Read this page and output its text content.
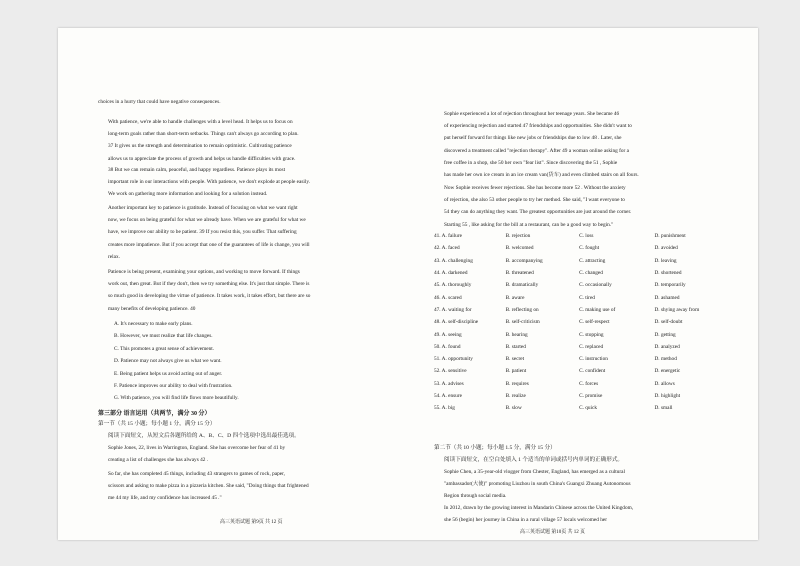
choices in a hurry that could have negative consequences.
With patience, we're able to handle challenges with a level head. It helps us to focus on
long-term goals rather than short-term setbacks. Things can't always go according to plan.
37 It gives us the strength and determination to remain optimistic. Cultivating patience
allows us to appreciate the process of growth and helps us handle difficulties with grace.
38 But we can remain calm, peaceful, and happy regardless. Patience plays its most
important role in our interactions with people. With patience, we don't explode at people easily.
We work on gathering more information and looking for a solution instead.
Another important key to patience is gratitude. Instead of focusing on what we want right
now, we focus on being grateful for what we already have. When we are grateful for what we
have, we improve our ability to be patient. 39 If you resist this, you suffer. That suffering
creates more impatience. But if you accept that one of the guarantees of life is change, you will
relax.
Patience is being present, examining your options, and working to move forward. If things
work out, then great. But if they don't, then we try something else. It's just that simple. There is
so much good in developing the virtue of patience. It takes work, it takes effort, but there are so
many benefits of developing patience. 40
A. It's necessary to make early plans.
B. However, we must realize that life changes.
C. This promotes a great sense of achievement.
D. Patience may not always give us what we want.
E. Being patient helps us avoid acting out of anger.
F. Patience improves our ability to deal with frustration.
G. With patience, you will find life flows more beautifully.
第三部分 语言运用（共两节，满分 30 分）
第一节（共 15 小题；每小题 1 分，满分 15 分）
阅读下面短文，从短文后各题所给的 A、B、C、D 四个选项中选出最佳选项。
Sophie Jones, 22, lives in Warrington, England. She has overcome her fear of 41 by
creating a list of challenges she has always 42 .
So far, she has completed 45 things, including 43 strangers to games of rock, paper,
scissors and asking to make pizza in a pizzeria kitchen. She said, "Doing things that frightened
me 44 my life, and my confidence has increased 45 ."
高三英语试题 第9页 共 12 页
Sophie experienced a lot of rejection throughout her teenage years. She became 46
of experiencing rejection and started 47 friendships and opportunities. She didn't want to
put herself forward for things like new jobs or friendships due to low 48 . Later, she
discovered a treatment called "rejection therapy". After 49 a woman online asking for a
free coffee in a shop, she 50 her own "fear list". Since discovering the 51 , Sophie
has made her own ice cream in an ice cream van(货车) and even climbed stairs on all fours.
Now Sophie receives fewer rejections. She has become more 52 . Without the anxiety
of rejection, she also 53 other people to try her method. She said, "I want everyone to
54 they can do anything they want. The greatest opportunities are just around the corner.
Starting 55 , like asking for the bill at a restaurant, can be a good way to begin."
41. A. failure	B. rejection	C. loss	D. punishment
42. A. faced	B. welcomed	C. fought	D. avoided
43. A. challenging	B. accompanying	C. attracting	D. leaving
44. A. darkened	B. threatened	C. changed	D. shortened
45. A. thoroughly	B. dramatically	C. occasionally	D. temporarily
46. A. scared	B. aware	C. tired	D. ashamed
47. A. waiting for	B. reflecting on	C. making use of	D. shying away from
48. A. self-discipline	B. self-criticism	C. self-respect	D. self-doubt
49. A. seeing	B. hearing	C. stopping	D. getting
50. A. found	B. started	C. replaced	D. analyzed
51. A. opportunity	B. secret	C. instruction	D. method
52. A. sensitive	B. patient	C. confident	D. energetic
53. A. advises	B. requires	C. forces	D. allows
54. A. ensure	B. realize	C. promise	D. highlight
55. A. big	B. slow	C. quick	D. small
第二节（共 10 小题；每小题 1.5 分，满分 15 分）
阅读下面短文，在空白处填入 1 个适当的单词或括号内单词的正确形式。
Sophie Chen, a 35-year-old vlogger from Chester, England, has emerged as a cultural
"ambassador(大使)" promoting Liuzhou in south China's Guangxi Zhuang Autonomous
Region through social media.
In 2012, drawn by the growing interest in Mandarin Chinese across the United Kingdom,
she 56 (begin) her journey in China in a rural village 57 locals welcomed her
高三英语试题 第10页 共 12 页
